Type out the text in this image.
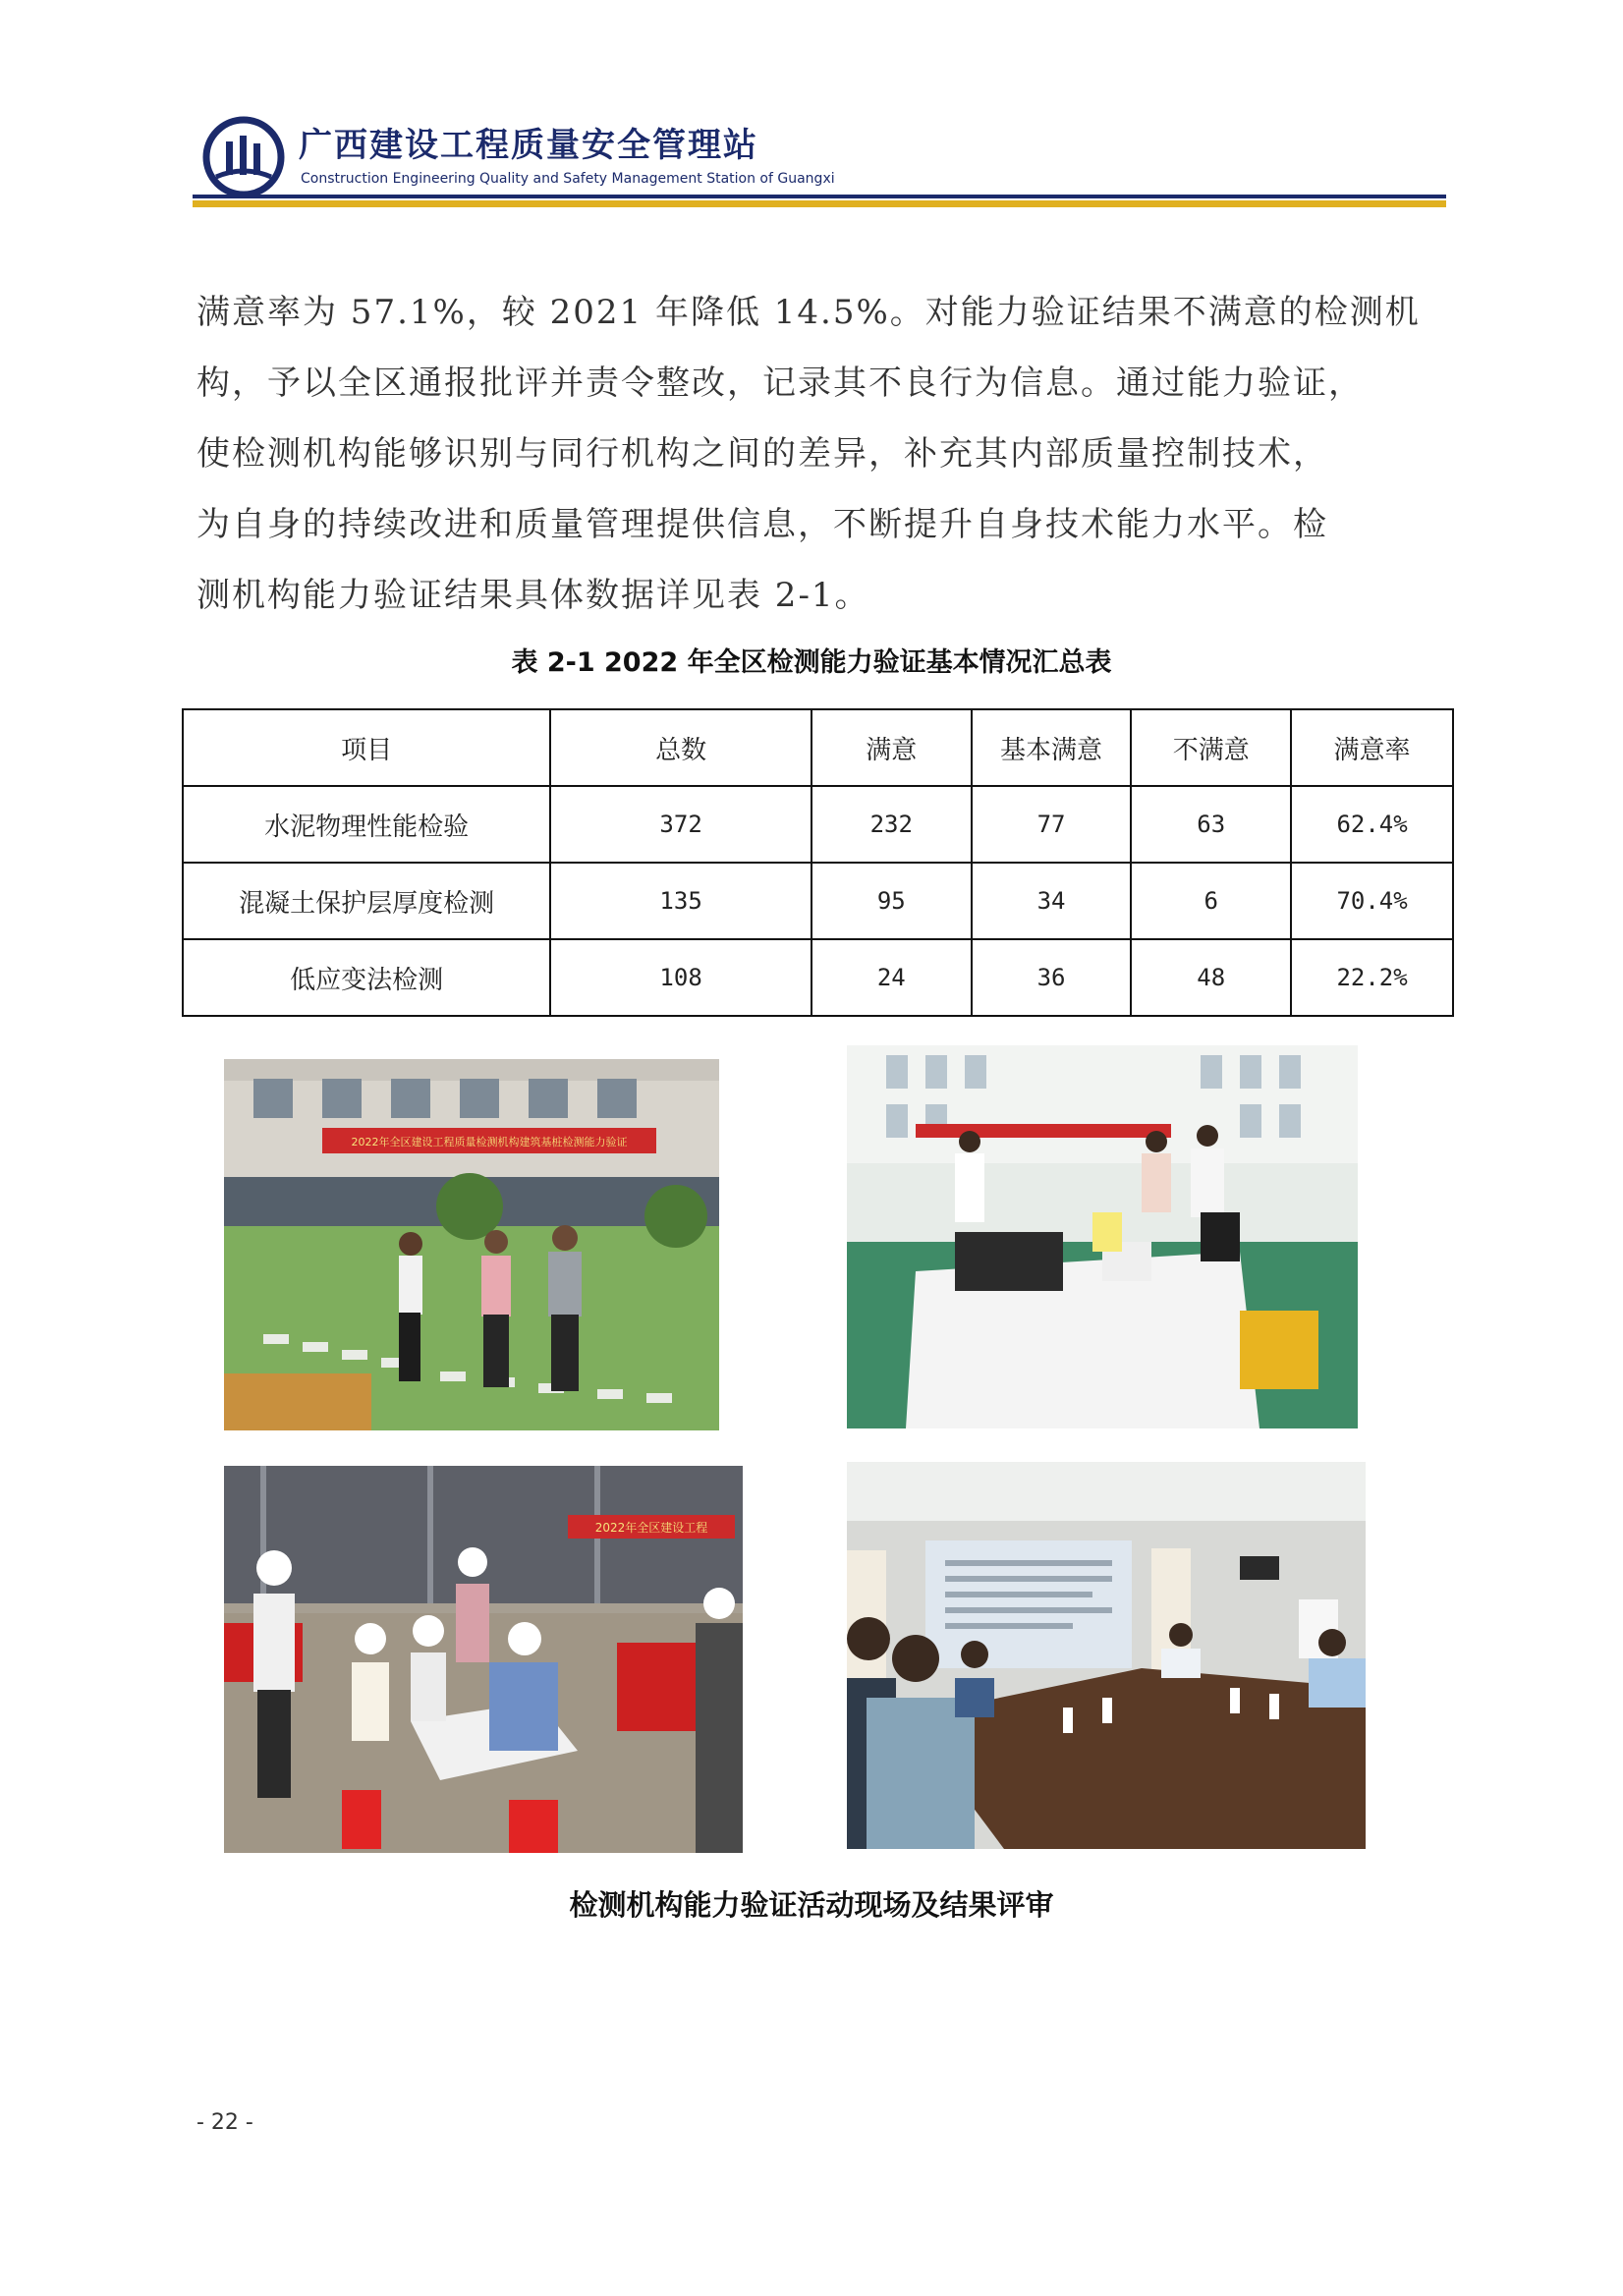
广西建设工程质量安全管理站
Construction Engineering Quality and Safety Management Station of Guangxi
满意率为 57.1%，较 2021 年降低 14.5%。对能力验证结果不满意的检测机
构，予以全区通报批评并责令整改，记录其不良行为信息。通过能力验证，
使检测机构能够识别与同行机构之间的差异，补充其内部质量控制技术，
为自身的持续改进和质量管理提供信息，不断提升自身技术能力水平。检
测机构能力验证结果具体数据详见表 2-1。
表 2-1 2022 年全区检测能力验证基本情况汇总表
项目	总数	满意	基本满意	不满意	满意率
水泥物理性能检验	372	232	77	63	62.4%
混凝土保护层厚度检测	135	95	34	6	70.4%
低应变法检测	108	24	36	48	22.2%
2022年全区建设工程质量检测机构建筑基桩检测能力验证
2022年全区建设工程
检测机构能力验证活动现场及结果评审
- 22 -
